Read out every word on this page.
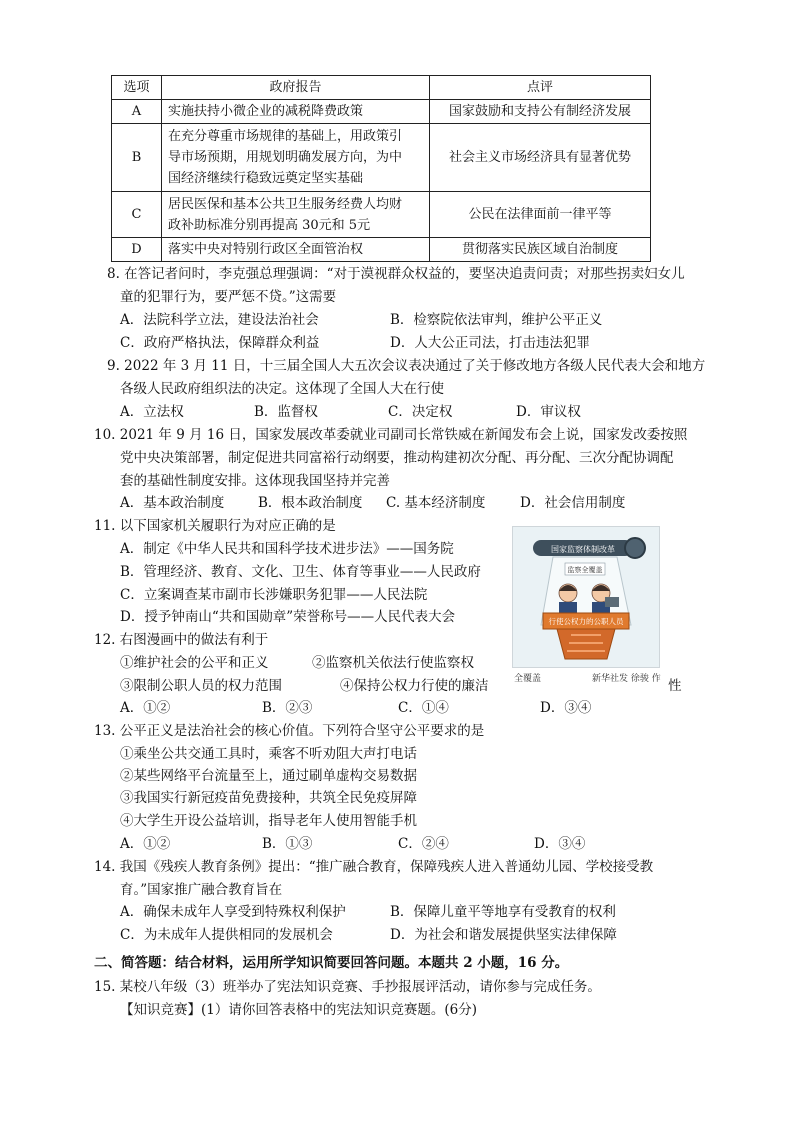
选项	政府报告	点评
A	实施扶持小微企业的减税降费政策	国家鼓励和支持公有制经济发展
B	在充分尊重市场规律的基础上，用政策引
导市场预期，用规划明确发展方向，为中
国经济继续行稳致远奠定坚实基础	社会主义市场经济具有显著优势
C	居民医保和基本公共卫生服务经费人均财
政补助标准分别再提高 30元和 5元	公民在法律面前一律平等
D	落实中央对特别行政区全面管治权	贯彻落实民族区域自治制度
8. 在答记者问时，李克强总理强调：“对于漠视群众权益的，要坚决追责问责；对那些拐卖妇女儿
童的犯罪行为，要严惩不贷。”这需要
A．法院科学立法，建设法治社会	B．检察院依法审判，维护公平正义
C．政府严格执法，保障群众利益	D．人大公正司法，打击违法犯罪
9. 2022 年 3 月 11 日，十三届全国人大五次会议表决通过了关于修改地方各级人民代表大会和地方
各级人民政府组织法的决定。这体现了全国人大在行使
A．立法权	B．监督权	C．决定权	D．审议权
10. 2021 年 9 月 16 日，国家发展改革委就业司副司长常铁威在新闻发布会上说，国家发改委按照
党中央决策部署，制定促进共同富裕行动纲要，推动构建初次分配、再分配、三次分配协调配
套的基础性制度安排。这体现我国坚持并完善
A．基本政治制度	B．根本政治制度 C. 基本经济制度	D．社会信用制度
11. 以下国家机关履职行为对应正确的是
A．制定《中华人民共和国科学技术进步法》——国务院
B．管理经济、教育、文化、卫生、体育等事业——人民政府
C．立案调查某市副市长涉嫌职务犯罪——人民法院
D．授予钟南山“共和国勋章”荣誉称号——人民代表大会
12. 右图漫画中的做法有利于
①维护社会的公平和正义	②监察机关依法行使监察权
③限制公职人员的权力范围	④保持公权力行使的廉洁	性
A．①②	B．②③	C．①④	D．③④
国家监察体制改革
监察全覆盖
行使公权力的公职人员
全覆盖	新华社发 徐骏 作
13. 公平正义是法治社会的核心价值。下列符合坚守公平要求的是
①乘坐公共交通工具时，乘客不听劝阻大声打电话
②某些网络平台流量至上，通过刷单虚构交易数据
③我国实行新冠疫苗免费接种，共筑全民免疫屏障
④大学生开设公益培训，指导老年人使用智能手机
A．①②	B．①③	C．②④	D．③④
14. 我国《残疾人教育条例》提出：“推广融合教育，保障残疾人进入普通幼儿园、学校接受教
育。”国家推广融合教育旨在
A．确保未成年人享受到特殊权利保护	B．保障儿童平等地享有受教育的权利
C．为未成年人提供相同的发展机会	D．为社会和谐发展提供坚实法律保障
二、简答题：结合材料，运用所学知识简要回答问题。本题共 2 小题，16 分。
15. 某校八年级（3）班举办了宪法知识竞赛、手抄报展评活动，请你参与完成任务。
【知识竞赛】(1）请你回答表格中的宪法知识竞赛题。(6分)
